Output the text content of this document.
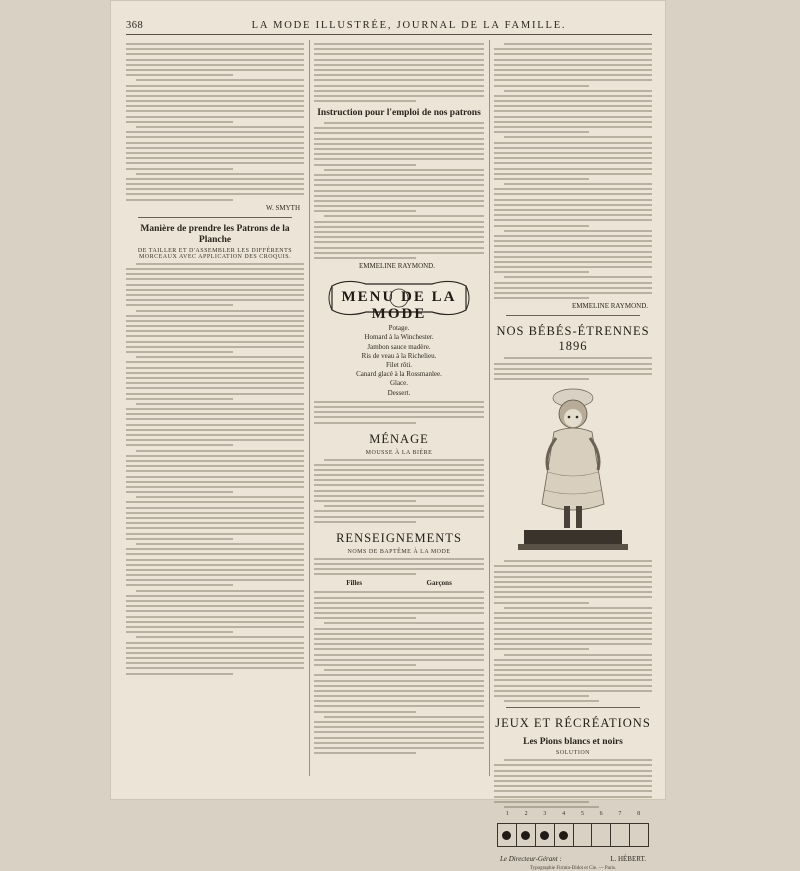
368	LA MODE ILLUSTRÉE, JOURNAL DE LA FAMILLE.
W. SMYTH
Manière de prendre les Patrons de la Planche
DE TAILLER ET D'ASSEMBLER LES DIFFÉRENTS MORCEAUX AVEC APPLICATION DES CROQUIS.
Instruction pour l'emploi de nos patrons
EMMELINE RAYMOND.
MENU DE LA MODE
Potage.
Homard à la Winchester.
Jambon sauce madère.
Ris de veau à la Richelieu.
Filet rôti.
Canard glacé à la Rossmanlee.
Glace.
Dessert.
MÉNAGE
MOUSSE À LA BIÈRE
RENSEIGNEMENTS
NOMS DE BAPTÊME À LA MODE
Filles	Garçons
EMMELINE RAYMOND.
NOS BÉBÉS-ÉTRENNES 1896
JEUX ET RÉCRÉATIONS
Les Pions blancs et noirs
SOLUTION
1	2	3	4	5	6	7	8
Le Directeur-Gérant :	L. HÉBERT.
Typographie Firmin-Didot et Cie. — Paris.
